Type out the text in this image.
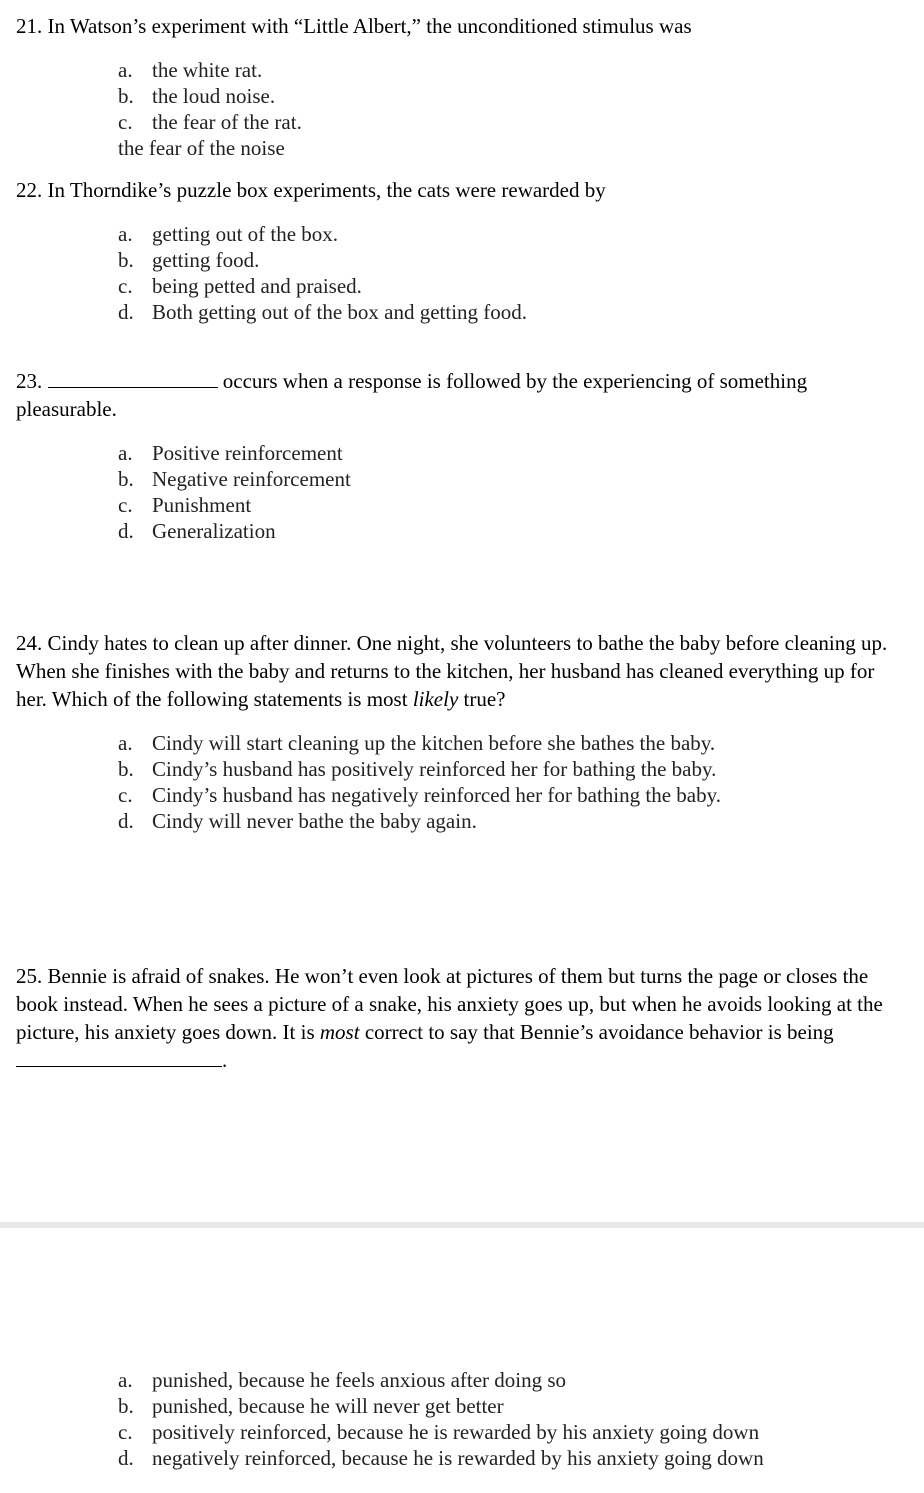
21. In Watson’s experiment with “Little Albert,” the unconditioned stimulus was
a. the white rat.
b. the loud noise.
c. the fear of the rat.
the fear of the noise
22. In Thorndike’s puzzle box experiments, the cats were rewarded by
a. getting out of the box.
b. getting food.
c. being petted and praised.
d. Both getting out of the box and getting food.
23.	occurs when a response is followed by the experiencing of something pleasurable.
a. Positive reinforcement
b. Negative reinforcement
c. Punishment
d. Generalization
24. Cindy hates to clean up after dinner. One night, she volunteers to bathe the baby before cleaning up. When she finishes with the baby and returns to the kitchen, her husband has cleaned everything up for her. Which of the following statements is most likely true?
a. Cindy will start cleaning up the kitchen before she bathes the baby.
b. Cindy’s husband has positively reinforced her for bathing the baby.
c. Cindy’s husband has negatively reinforced her for bathing the baby.
d. Cindy will never bathe the baby again.
25. Bennie is afraid of snakes. He won’t even look at pictures of them but turns the page or closes the book instead. When he sees a picture of a snake, his anxiety goes up, but when he avoids looking at the picture, his anxiety goes down. It is most correct to say that Bennie’s avoidance behavior is being .
a. punished, because he feels anxious after doing so
b. punished, because he will never get better
c. positively reinforced, because he is rewarded by his anxiety going down
d. negatively reinforced, because he is rewarded by his anxiety going down
